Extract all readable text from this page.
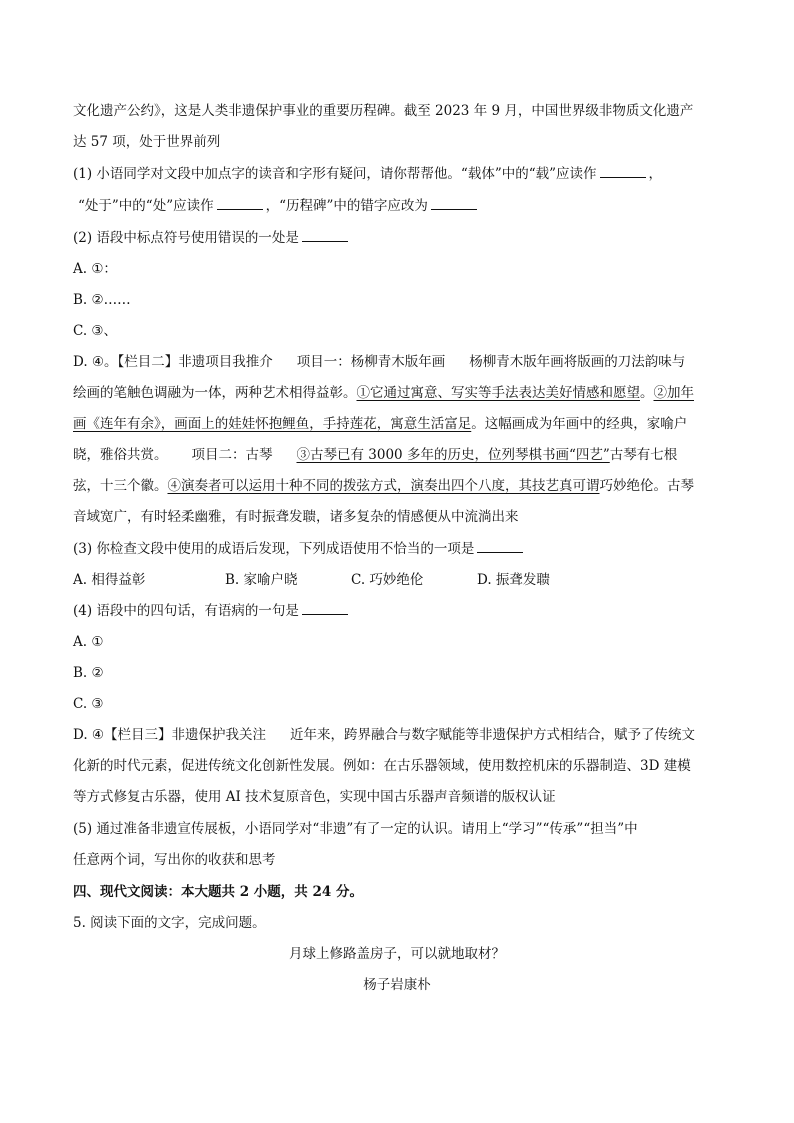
文化遗产公约》，这是人类非遗保护事业的重要历程碑。截至 2023 年 9 月，中国世界级非物质文化遗产
达 57 项，处于世界前列
(1) 小语同学对文段中加点字的读音和字形有疑问，请你帮帮他。“载体”中的“载”应读作	，
“处于”中的“处”应读作	，“历程碑”中的错字应改为
(2) 语段中标点符号使用错误的一处是
A. ①：
B. ②……
C. ③、
D. ④。【栏目二】非遗项目我推介 项目一：杨柳青木版年画 杨柳青木版年画将版画的刀法韵味与
绘画的笔触色调融为一体，两种艺术相得益彰。①它通过寓意、写实等手法表达美好情感和愿望。②加年
画《连年有余》，画面上的娃娃怀抱鲤鱼，手持莲花，寓意生活富足。这幅画成为年画中的经典，家喻户
晓，雅俗共赏。 项目二：古琴 ③古琴已有 3000 多年的历史，位列琴棋书画“四艺”古琴有七根
弦，十三个徽。④演奏者可以运用十种不同的拨弦方式，演奏出四个八度，其技艺真可谓巧妙绝伦。古琴
音域宽广，有时轻柔幽雅，有时振聋发聩，诸多复杂的情感便从中流淌出来
(3) 你检查文段中使用的成语后发现，下列成语使用不恰当的一项是
A. 相得益彰	B. 家喻户晓	C. 巧妙绝伦	D. 振聋发聩
(4) 语段中的四句话，有语病的一句是
A. ①
B. ②
C. ③
D. ④【栏目三】非遗保护我关注 近年来，跨界融合与数字赋能等非遗保护方式相结合，赋予了传统文
化新的时代元素，促进传统文化创新性发展。例如：在古乐器领域，使用数控机床的乐器制造、3D 建模
等方式修复古乐器，使用 AI 技术复原音色，实现中国古乐器声音频谱的版权认证
(5) 通过准备非遗宣传展板，小语同学对“非遗”有了一定的认识。请用上“学习”“传承”“担当”中
任意两个词，写出你的收获和思考
四、现代文阅读：本大题共 2 小题，共 24 分。
5. 阅读下面的文字，完成问题。
月球上修路盖房子，可以就地取材？
杨子岩康朴
